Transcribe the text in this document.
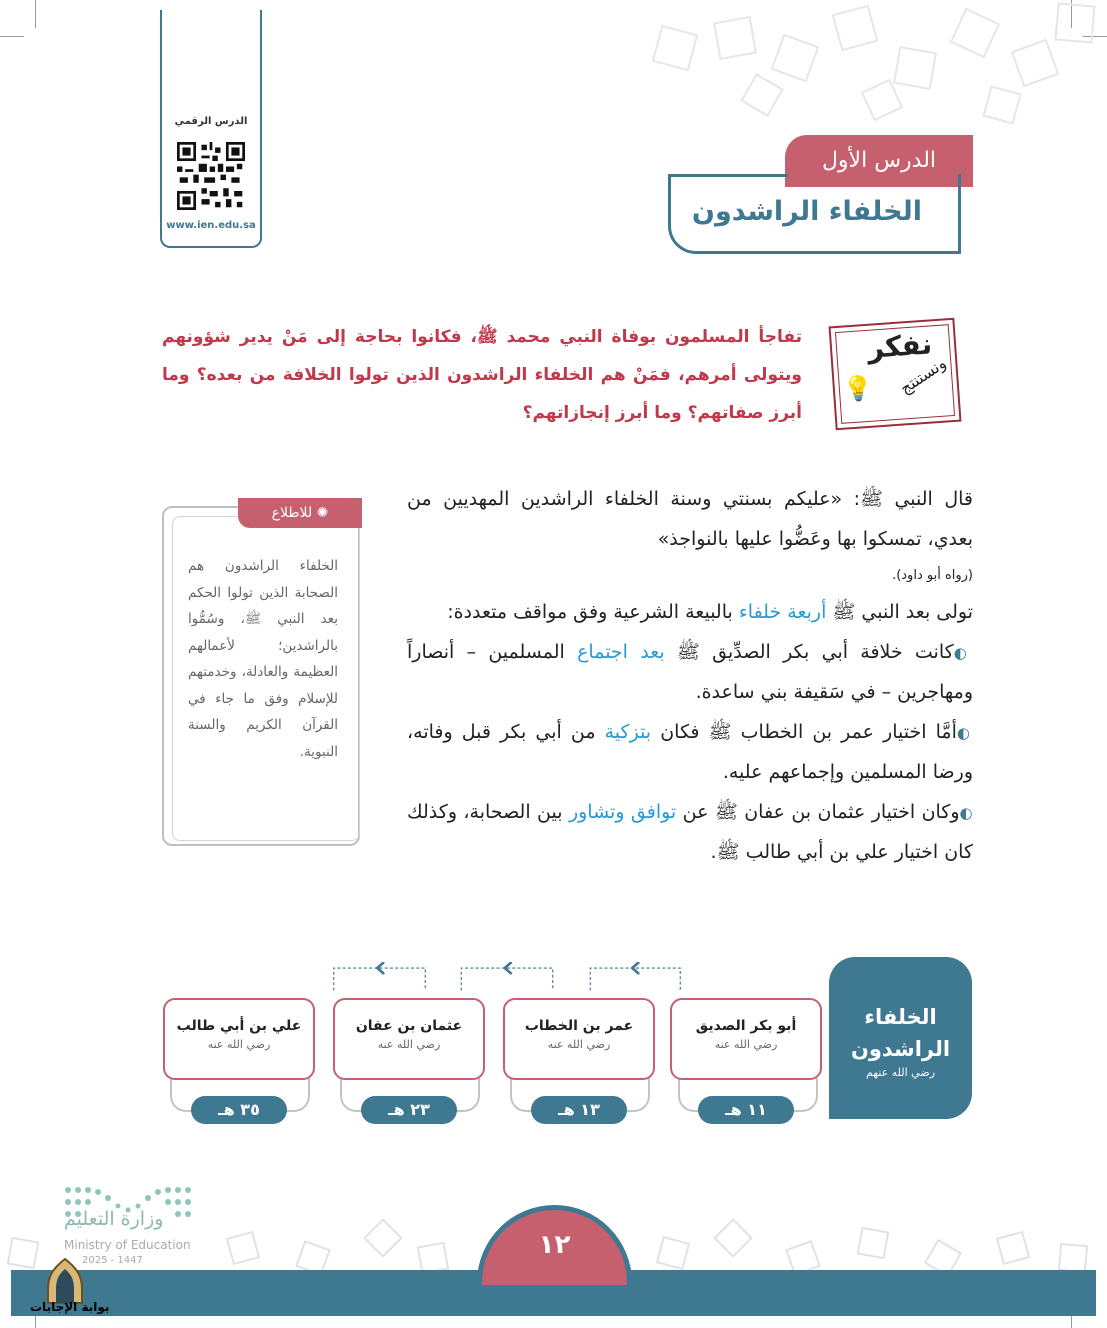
الدرس الرقمي
www.ien.edu.sa
الدرس الأول
الخلفاء الراشدون
نفكر
ونستنتج
💡
تفاجأ المسلمون بوفاة النبي محمد ﷺ، فكانوا بحاجة إلى مَنْ يدير شؤونهم ويتولى أمرهم، فمَنْ هم الخلفاء الراشدون الذين تولوا الخلافة من بعده؟ وما أبرز صفاتهم؟ وما أبرز إنجازاتهم؟

قال النبي ﷺ: «عليكم بسنتي وسنة الخلفاء الراشدين المهديين من بعدي، تمسكوا بها وعَضُّوا عليها بالنواجذ»

(رواه أبو داود).

تولى بعد النبي ﷺ أربعة خلفاء بالبيعة الشرعية وفق مواقف متعددة:

◐كانت خلافة أبي بكر الصدِّيق ﷺ بعد اجتماع المسلمين – أنصاراً ومهاجرين – في سَقيفة بني ساعدة.

◐أمَّا اختيار عمر بن الخطاب ﷺ فكان بتزكية من أبي بكر قبل وفاته، ورضا المسلمين وإجماعهم عليه.

◐وكان اختيار عثمان بن عفان ﷺ عن توافق وتشاور بين الصحابة، وكذلك كان اختيار علي بن أبي طالب ﷺ.

✺ للاطلاع
الخلفاء الراشدون هم الصحابة الذين تولوا الحكم بعد النبي ﷺ، وسُمُّوا بالراشدين؛ لأعمالهم العظيمة والعادلة، وخدمتهم للإسلام وفق ما جاء في القرآن الكريم والسنة النبوية.
الخلفاء
الراشدون
رضي الله عنهم
أبو بكر الصديق
رضي الله عنه
١١ هـ
عمر بن الخطاب
رضي الله عنه
١٣ هـ
عثمان بن عفان
رضي الله عنه
٢٣ هـ
علي بن أبي طالب
رضي الله عنه
٣٥ هـ
وزارة التعليم
Ministry of Education
2025 - 1447
١٢
بوابة الإجابات
